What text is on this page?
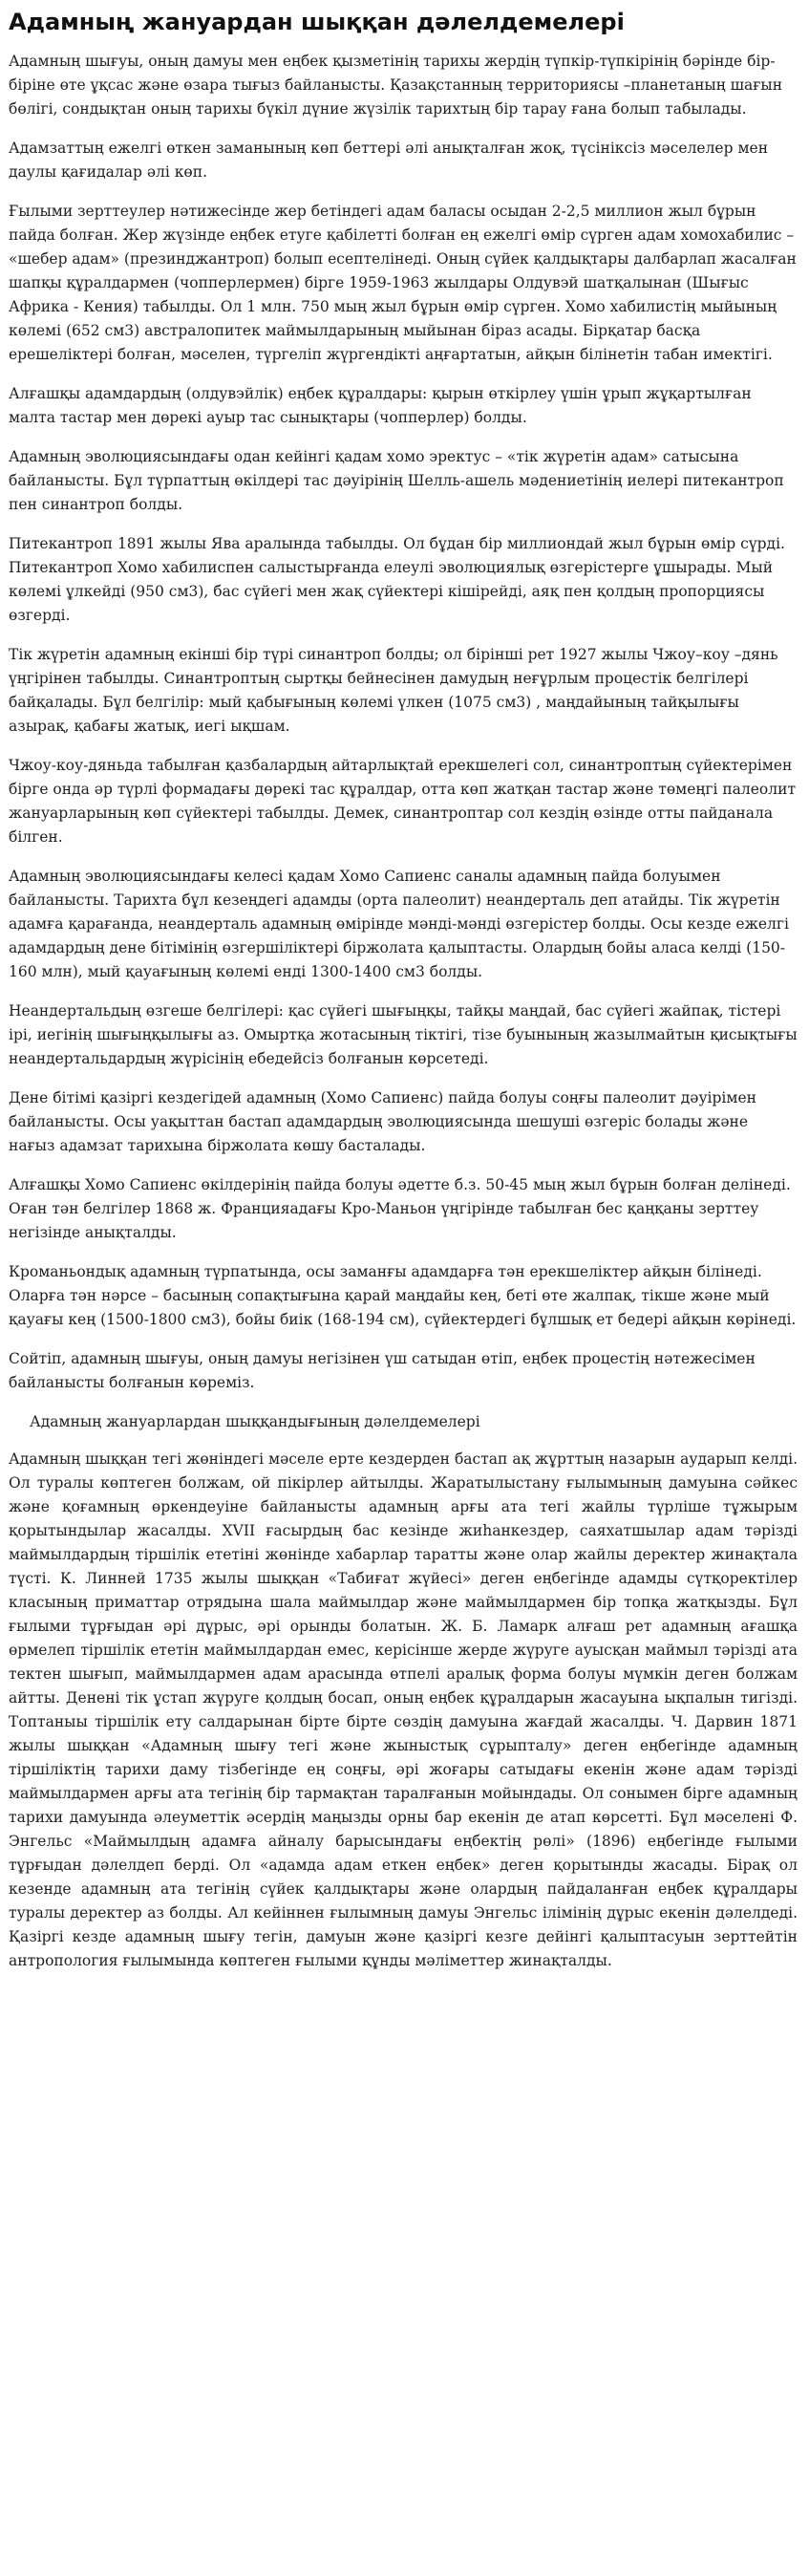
Адамның жануардан шыққан дәлелдемелері

Адамның шығуы, оның дамуы мен еңбек қызметінің тарихы жердің түпкір-түпкірінің бәрінде бір-біріне өте ұқсас және өзара тығыз байланысты. Қазақстанның территориясы –планетаның шағын бөлігі, сондықтан оның тарихы бүкіл дүние жүзілік тарихтың бір тарау ғана болып табылады.

Адамзаттың ежелгі өткен заманының көп беттері әлі анықталған жоқ, түсініксіз мәселелер мен даулы қағидалар әлі көп.

Ғылыми зерттеулер нәтижесінде жер бетіндегі адам баласы осыдан 2-2,5 миллион жыл бұрын пайда болған. Жер жүзінде еңбек етуге қабілетті болған ең ежелгі өмір сүрген адам хомохабилис – «шебер адам» (презинджантроп) болып есептелінеді. Оның сүйек қалдықтары далбарлап жасалған шапқы құралдармен (чопперлермен) бірге 1959-1963 жылдары Олдувэй шатқалынан (Шығыс Африка - Кения) табылды. Ол 1 млн. 750 мың жыл бұрын өмір сүрген. Хомо хабилистің мыйының көлемі (652 см3) австралопитек маймылдарының мыйынан біраз асады. Бірқатар басқа ерешеліктері болған, мәселен, түргеліп жүргендікті аңғартатын, айқын білінетін табан имектігі.

Алғашқы адамдардың (олдувэйлік) еңбек құралдары: қырын өткірлеу үшін ұрып жұқартылған малта тастар мен дөрекі ауыр тас сынықтары (чопперлер) болды.

Адамның эволюциясындағы одан кейінгі қадам хомо эректус – «тік жүретін адам» сатысына байланысты. Бұл түрпаттың өкілдері тас дәуірінің Шелль-ашель мәдениетінің иелері питекантроп пен синантроп болды.

Питекантроп 1891 жылы Ява аралында табылды. Ол бұдан бір миллиондай жыл бұрын өмір сүрді. Питекантроп Хомо хабилиспен салыстырғанда елеулі эволюциялық өзгерістерге ұшырады. Мый көлемі ұлкейді (950 см3), бас сүйегі мен жақ сүйектері кішірейді, аяқ пен қолдың пропорциясы өзгерді.

Тік жүретін адамның екінші бір түрі синантроп болды; ол біріншi рет 1927 жылы Чжоу–коу –дянь үңгірінен табылды. Синантроптың сыртқы бейнесінен дамудың неғұрлым процестік белгілері байқалады. Бұл белгілір: мый қабығының көлемі үлкен (1075 см3) , маңдайының тайқылығы азырақ, қабағы жатық, иегі ықшам.

Чжоу-коу-дяньда табылған қазбалардың айтарлықтай ерекшелегі сол, синантроптың сүйектерімен бірге онда әр түрлі формадағы дөрекі тас құралдар, отта көп жатқан тастар және төмеңгі палеолит жануарларының көп сүйектері табылды. Демек, синантроптар сол кездің өзінде отты пайданала білген.

Адамның эволюциясындағы келесі қадам Хомо Сапиенс саналы адамның пайда болуымен байланысты. Тарихта бұл кезеңдегі адамды (орта палеолит) неандерталь деп атайды. Тік жүретін адамға қарағанда, неандерталь адамның өмірінде мәнді-мәнді өзгерістер болды. Осы кезде ежелгі адамдардың дене бітімінің өзгершіліктері біржолата қалыптасты. Олардың бойы аласа келді (150-160 млн), мый қауағының көлемі енді 1300-1400 см3 болды.

Неандертальдың өзгеше белгілері: қас сүйегі шығыңқы, тайқы маңдай, бас сүйегі жайпақ, тістері ірі, иегінің шығыңқылығы аз. Омыртқа жотасының тіктігі, тізе буынының жазылмайтын қисықтығы неандертальдардың жүрісінің ебедейсіз болғанын көрсетеді.

Дене бітімі қазіргі кездегідей адамның (Хомо Сапиенс) пайда болуы соңғы палеолит дәуірімен байланысты. Осы уақыттан бастап адамдардың эволюциясында шешуші өзгеріс болады және нағыз адамзат тарихына біржолата көшу басталады.

Алғашқы Хомо Сапиенс өкілдерінің пайда болуы әдетте б.з. 50-45 мың жыл бұрын болған делінеді. Оған тән белгілер 1868 ж. Францияадағы Кро-Маньон үңгірінде табылған бес қаңқаны зерттеу негізінде анықталды.

Кроманьондық адамның түрпатында, осы заманғы адамдарға тән ерекшеліктер айқын білінеді. Оларға тән нәрсе – басының сопақтығына қарай маңдайы кең, беті өте жалпақ, тікше және мый қауағы кең (1500-1800 см3), бойы биік (168-194 см), сүйектердегі бұлшық ет бедері айқын көрінеді.

Сойтіп, адамның шығуы, оның дамуы негізінен үш сатыдан өтіп, еңбек процестің нәтежесімен байланысты болғанын көреміз.

Адамның жануарлардан шыққандығының дәлелдемелері

Адамның шыққан тегі жөніндегі мәселе ерте кездерден бастап ақ жұрттың назарын аударып келді. Ол туралы көптеген болжам, ой пікірлер айтылды. Жаратылыстану ғылымының дамуына сәйкес және қоғамның өркендеуіне байланысты адамның арғы ата тегі жайлы түрліше тұжырым қорытындылар жасалды. XVII ғасырдың бас кезінде жиһанкездер, саяхатшылар адам тәрізді маймылдардың тіршілік ететіні жөнінде хабарлар таратты және олар жайлы деректер жинақтала түсті. К. Линней 1735 жылы шыққан «Табиғат жүйесі» деген еңбегінде адамды сүтқоректілер класының приматтар отрядына шала маймылдар және маймылдармен бір топқа жатқызды. Бұл ғылыми тұрғыдан әрі дұрыс, әрі орынды болатын. Ж. Б. Ламарк алғаш рет адамның ағашқа өрмелеп тіршілік ететін маймылдардан емес, керісінше жерде жүруге ауысқан маймыл тәрізді ата тектен шығып, маймылдармен адам арасында өтпелі аралық форма болуы мүмкін деген болжам айтты. Денені тік ұстап жүруге қолдың босап, оның еңбек құралдарын жасауына ықпалын тигізді. Топтаныы тіршілік ету салдарынан бірте бірте сөздің дамуына жағдай жасалды. Ч. Дарвин 1871 жылы шыққан «Адамның шығу тегі және жыныстық сұрыпталу» деген еңбегінде адамның тіршіліктің тарихи даму тізбегінде ең соңғы, әрі жоғары сатыдағы екенін және адам тәрізді маймылдармен арғы ата тегінің бір тармақтан таралғанын мойындады. Ол сонымен бірге адамның тарихи дамуында әлеуметтік әсердің маңызды орны бар екенін де атап көрсетті. Бұл мәселені Ф. Энгельс «Маймылдың адамға айналу барысындағы еңбектің рөлі» (1896) еңбегінде ғылыми тұрғыдан дәлелдеп берді. Ол «адамда адам еткен еңбек» деген қорытынды жасады. Бірақ ол кезенде адамның ата тегінің сүйек қалдықтары және олардың пайдаланған еңбек құралдары туралы деректер аз болды. Ал кейіннен ғылымның дамуы Энгельс ілімінің дұрыс екенін дәлелдеді. Қазіргі кезде адамның шығу тегін, дамуын және қазіргі кезге дейінгі қалыптасуын зерттейтін антропология ғылымында көптеген ғылыми құнды мәліметтер жинақталды.
